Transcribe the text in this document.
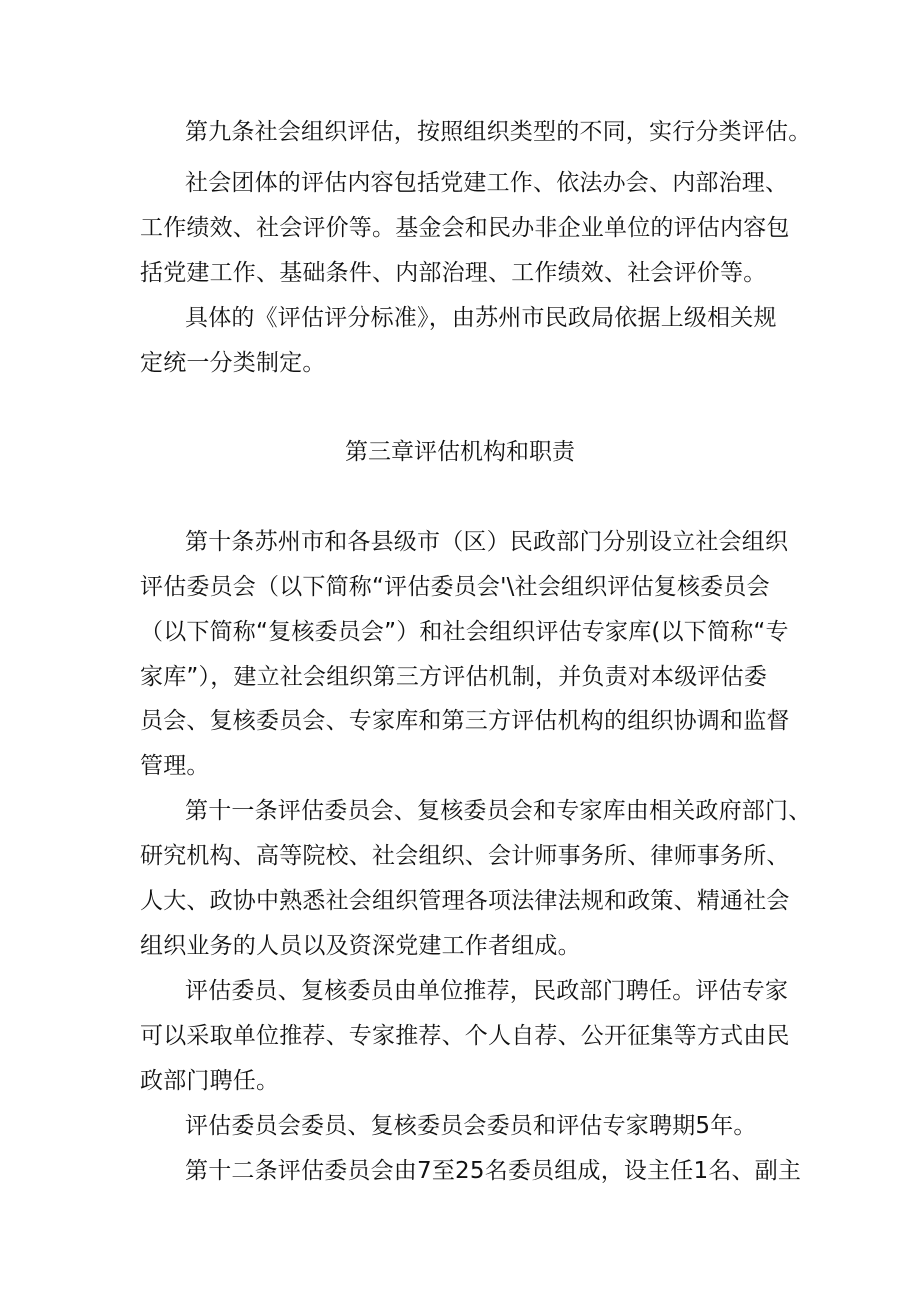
第九条社会组织评估，按照组织类型的不同，实行分类评估。
社会团体的评估内容包括党建工作、依法办会、内部治理、
工作绩效、社会评价等。基金会和民办非企业单位的评估内容包
括党建工作、基础条件、内部治理、工作绩效、社会评价等。
具体的《评估评分标准》，由苏州市民政局依据上级相关规
定统一分类制定。
第三章评估机构和职责
第十条苏州市和各县级市（区）民政部门分别设立社会组织
评估委员会（以下简称“评估委员会'\社会组织评估复核委员会
（以下简称“复核委员会”）和社会组织评估专家库(以下简称“专
家库”），建立社会组织第三方评估机制，并负责对本级评估委
员会、复核委员会、专家库和第三方评估机构的组织协调和监督
管理。
第十一条评估委员会、复核委员会和专家库由相关政府部门、
研究机构、高等院校、社会组织、会计师事务所、律师事务所、
人大、政协中熟悉社会组织管理各项法律法规和政策、精通社会
组织业务的人员以及资深党建工作者组成。
评估委员、复核委员由单位推荐，民政部门聘任。评估专家
可以采取单位推荐、专家推荐、个人自荐、公开征集等方式由民
政部门聘任。
评估委员会委员、复核委员会委员和评估专家聘期5年。
第十二条评估委员会由7至25名委员组成，设主任1名、副主
